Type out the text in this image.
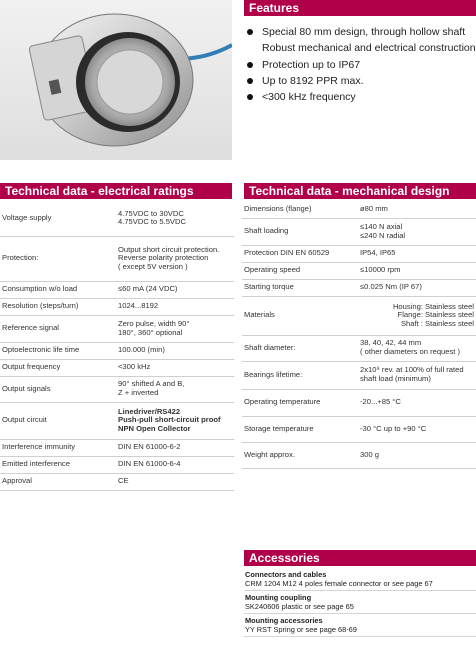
Features
Special 80 mm design, through hollow shaft
Robust mechanical and electrical construction
Protection up to IP67
Up to 8192 PPR max.
<300 kHz frequency
Technical data - electrical ratings
Voltage supply	4.75VDC to 30VDC
4.75VDC to 5.5VDC

Protection:	Output short circuit protection.
Reverse polarity protection
( except 5V version )

Consumption w/o load	≤60 mA (24 VDC)

Resolution (steps/turn)	1024...8192

Reference signal	Zero pulse, width 90°
180°, 360° optional

Optoelectronic life time	100.000 (min)

Output frequency	<300 kHz

Output signals	90° shifted A and B,
Z + inverted

Output circuit	Linedriver/RS422
Push-pull short-circuit proof
NPN Open Collector

Interference immunity	DIN EN 61000-6-2

Emitted interference	DIN EN 61000-6-4

Approval	CE
Technical data - mechanical design
Dimensions (flange)	ø80 mm

Shaft loading	≤140 N axial
≤240 N radial

Protection DIN EN 60529	IP54, IP65

Operating speed	≤10000 rpm

Starting torque	≤0.025 Nm (IP 67)

Materials	Housing: Stainless steel
Flange: Stainless steel
Shaft : Stainless steel

Shaft diameter:	38, 40, 42, 44 mm
( other diameters on request )

Bearings lifetime:	2x10⁹ rev. at 100% of full rated
shaft load (minimum)

Operating temperature	-20...+85 °C

Storage temperature	-30 °C up to +90 °C

Weight approx.	300 g
Accessories
Connectors and cables
CRM 1204 M12 4 poles female connector or see page 67
Mounting coupling
SK240606 plastic or see page 65
Mounting accessories
YY RST Spring or see page 68-69
